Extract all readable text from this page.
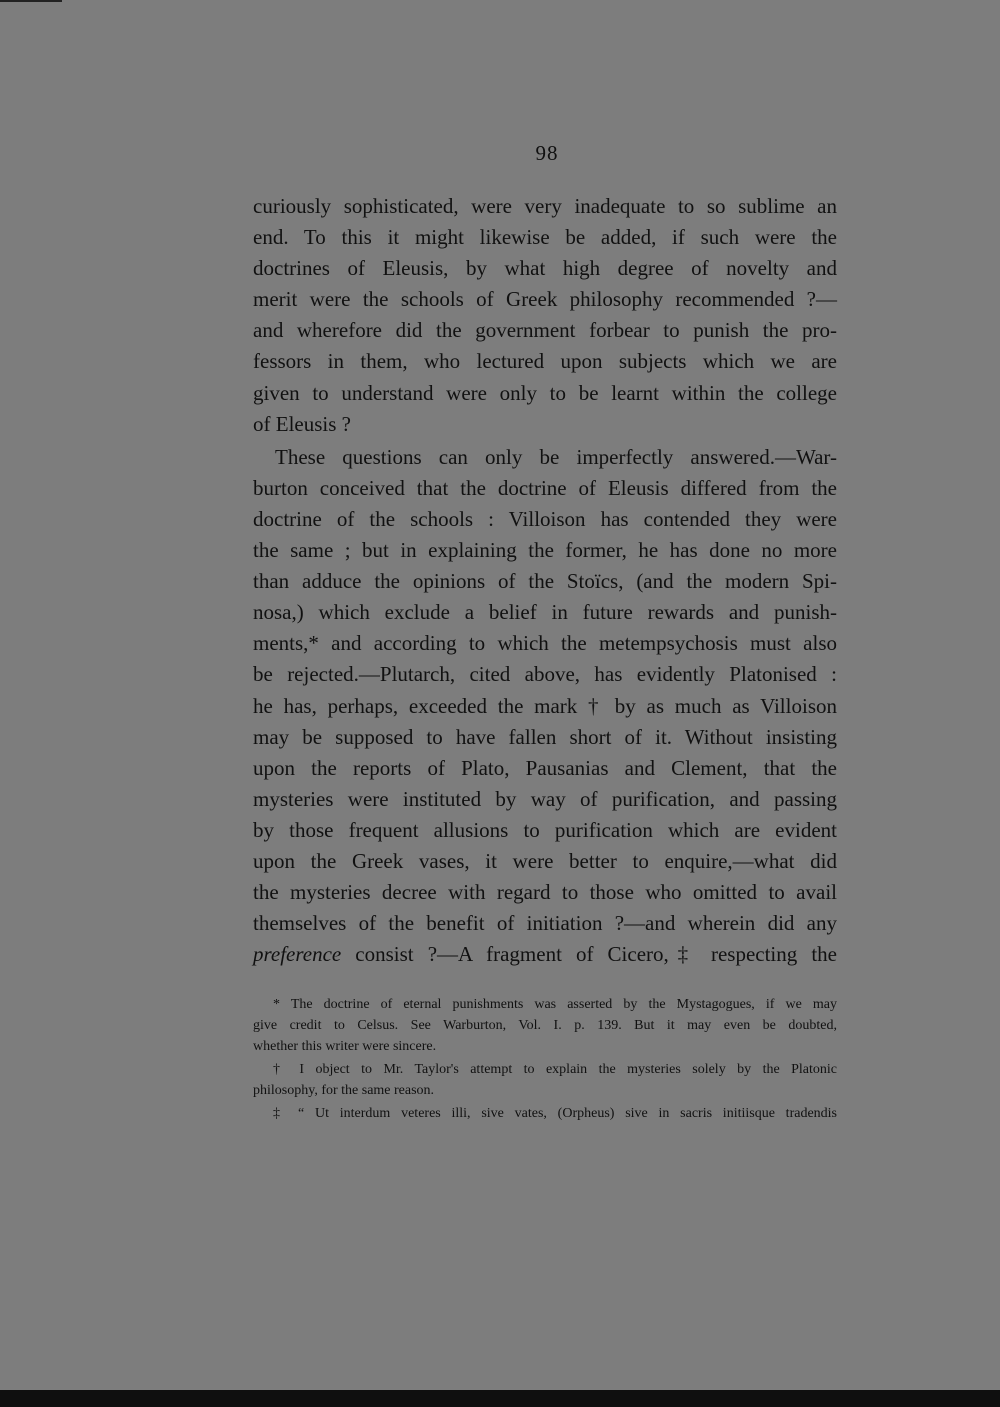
98
curiously sophisticated, were very inadequate to so sublime an
end. To this it might likewise be added, if such were the
doctrines of Eleusis, by what high degree of novelty and
merit were the schools of Greek philosophy recommended ?—
and wherefore did the government forbear to punish the pro-
fessors in them, who lectured upon subjects which we are
given to understand were only to be learnt within the college
of Eleusis ?
These questions can only be imperfectly answered.—War-
burton conceived that the doctrine of Eleusis differed from the
doctrine of the schools : Villoison has contended they were
the same ; but in explaining the former, he has done no more
than adduce the opinions of the Stoïcs, (and the modern Spi-
nosa,) which exclude a belief in future rewards and punish-
ments,* and according to which the metempsychosis must also
be rejected.—Plutarch, cited above, has evidently Platonised :
he has, perhaps, exceeded the mark † by as much as Villoison
may be supposed to have fallen short of it. Without insisting
upon the reports of Plato, Pausanias and Clement, that the
mysteries were instituted by way of purification, and passing
by those frequent allusions to purification which are evident
upon the Greek vases, it were better to enquire,—what did
the mysteries decree with regard to those who omitted to avail
themselves of the benefit of initiation ?—and wherein did any
preference consist ?—A fragment of Cicero,‡ respecting the
* The doctrine of eternal punishments was asserted by the Mystagogues, if we may
give credit to Celsus. See Warburton, Vol. I. p. 139. But it may even be doubted,
whether this writer were sincere.
† I object to Mr. Taylor's attempt to explain the mysteries solely by the Platonic
philosophy, for the same reason.
‡ “ Ut interdum veteres illi, sive vates, (Orpheus) sive in sacris initiisque tradendis
